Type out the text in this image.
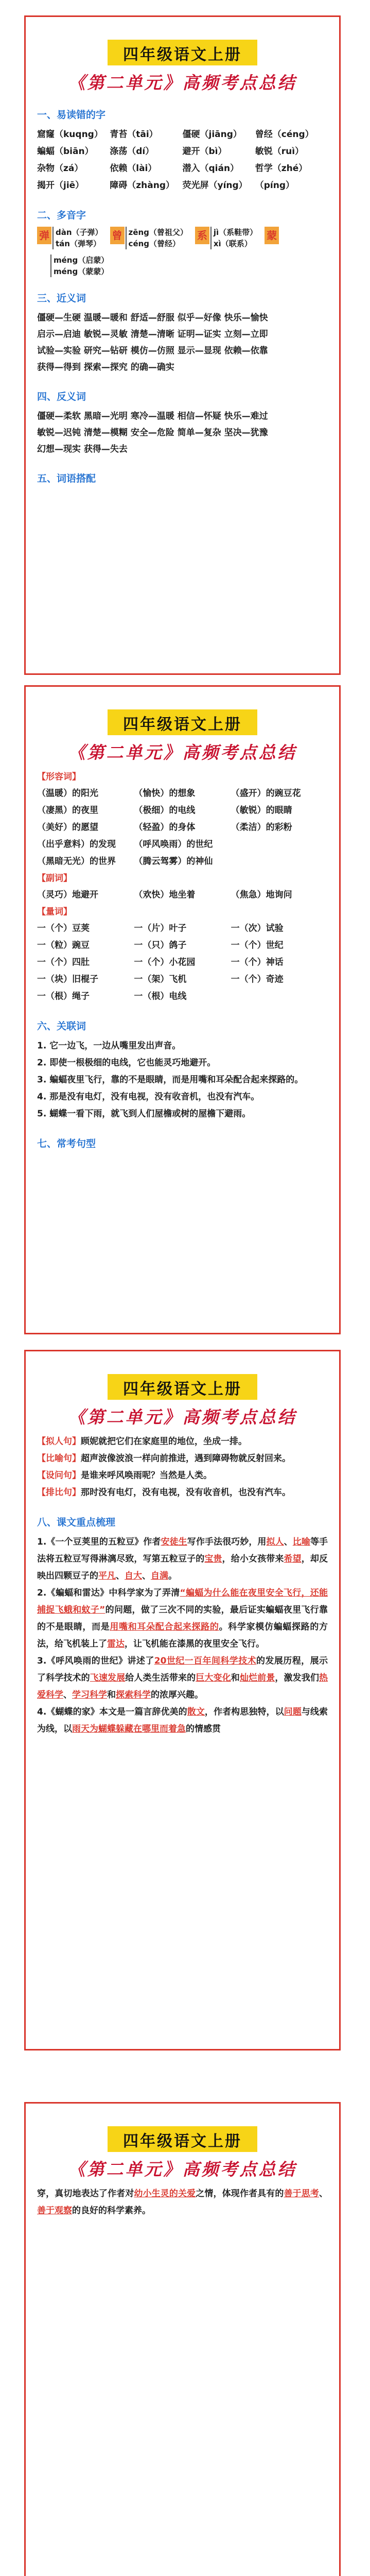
四年级语文上册
《第二单元》高频考点总结
一、易读错的字
窟窿（kuqng） 青苔（tāi）	僵硬（jiāng）	曾经（céng）
蝙蝠（biān）	涤荡（dí）	避开（bì）	敏锐（ruì）
杂物（zá）	依赖（lài）	潜入（qián）	哲学（zhé）
揭开（jiē）	障碍（zhàng） 荧光屏（yíng） （píng）
二、多音字
弹 dàn（子弹）
tán（弹琴）
曾 zēng（曾祖父）
céng（曾经）
系 jì（系鞋带）
xì（联系）
蒙
méng（启蒙）
méng（蒙蒙）
三、近义词
僵硬—生硬 温暖—暖和 舒适—舒服 似乎—好像 快乐—愉快
启示—启迪 敏锐—灵敏 清楚—清晰 证明—证实 立刻—立即
试验—实验 研究—钻研 模仿—仿照 显示—显现 依赖—依靠
获得—得到 探索—探究 的确—确实
四、反义词
僵硬—柔软 黑暗—光明 寒冷—温暖 相信—怀疑 快乐—难过
敏锐—迟钝 清楚—模糊 安全—危险 简单—复杂 坚决—犹豫
幻想—现实 获得—失去
五、词语搭配
四年级语文上册
《第二单元》高频考点总结
【形容词】
（温暖）的阳光	（愉快）的想象	（盛开）的豌豆花
（凄黑）的夜里	（极细）的电线	（敏锐）的眼睛
（美好）的愿望	（轻盈）的身体	（柔洁）的彩粉
（出乎意料）的发现	（呼风唤雨）的世纪
（黑暗无光）的世界	（腾云驾雾）的神仙
【副词】
（灵巧）地避开	（欢快）地坐着	（焦急）地询问
【量词】
一（个）豆荚	一（片）叶子	一（次）试验
一（粒）豌豆	一（只）鸽子	一（个）世纪
一（个）四肚	一（个）小花园	一（个）神话
一（块）旧棍子	一（架）飞机	一（个）奇迹
一（根）绳子	一（根）电线
六、关联词
1. 它一边飞，一边从嘴里发出声音。
2. 即使一根极细的电线，它也能灵巧地避开。
3. 蝙蝠夜里飞行，靠的不是眼睛，而是用嘴和耳朵配合起来探路的。
4. 那是没有电灯，没有电视，没有收音机，也没有汽车。
5. 蝴蝶一看下雨，就飞到人们屋檐或树的屋檐下避雨。
七、常考句型
四年级语文上册
《第二单元》高频考点总结
【拟人句】顾妮就把它们在家庭里的地位，坐成一排。
【比喻句】超声波像波浪一样向前推进，遇到障碍物就反射回来。
【设问句】是谁来呼风唤雨呢？当然是人类。
【排比句】那时没有电灯，没有电视，没有收音机，也没有汽车。
八、课文重点梳理
1.《一个豆荚里的五粒豆》作者安徒生写作手法很巧妙，用拟人、比喻等手法将五粒豆写得淋漓尽致，写第五粒豆子的宝贵，给小女孩带来希望，却反映出四颗豆子的平凡、自大、自满。
2.《蝙蝠和雷达》中科学家为了弄清“蝙蝠为什么能在夜里安全飞行，还能捕捉飞蛾和蚊子”的问题，做了三次不同的实验，最后证实蝙蝠夜里飞行靠的不是眼睛，而是用嘴和耳朵配合起来探路的。科学家模仿蝙蝠探路的方法，给飞机装上了雷达，让飞机能在漆黑的夜里安全飞行。
3.《呼风唤雨的世纪》讲述了20世纪一百年间科学技术的发展历程，展示了科学技术的飞速发展给人类生活带来的巨大变化和灿烂前景，激发我们热爱科学、学习科学和探索科学的浓厚兴趣。
4.《蝴蝶的家》本文是一篇言辞优美的散文，作者构思独特，以问题与线索为线，以雨天为蝴蝶躲藏在哪里而着急的情感贯
四年级语文上册
《第二单元》高频考点总结
穿，真切地表达了作者对幼小生灵的关爱之情，体现作者具有的善于思考、善于观察的良好的科学素养。
